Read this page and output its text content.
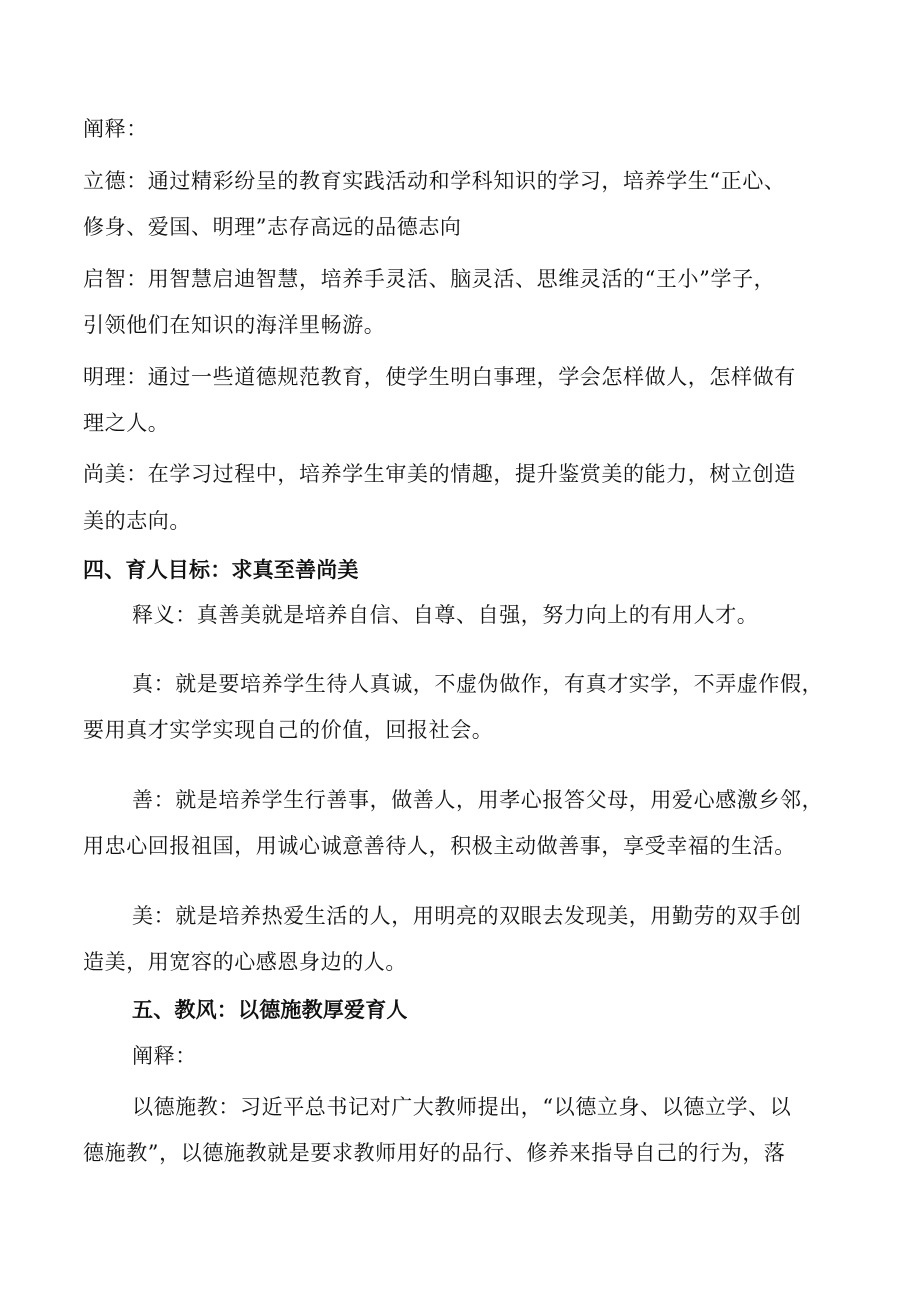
阐释：
立德：通过精彩纷呈的教育实践活动和学科知识的学习，培养学生“正心、
修身、爱国、明理”志存高远的品德志向
启智：用智慧启迪智慧，培养手灵活、脑灵活、思维灵活的“王小”学子，
引领他们在知识的海洋里畅游。
明理：通过一些道德规范教育，使学生明白事理，学会怎样做人，怎样做有
理之人。
尚美：在学习过程中，培养学生审美的情趣，提升鉴赏美的能力，树立创造
美的志向。
四、育人目标：求真至善尚美
释义：真善美就是培养自信、自尊、自强，努力向上的有用人才。
真：就是要培养学生待人真诚，不虚伪做作，有真才实学，不弄虚作假，
要用真才实学实现自己的价值，回报社会。
善：就是培养学生行善事，做善人，用孝心报答父母，用爱心感激乡邻，
用忠心回报祖国，用诚心诚意善待人，积极主动做善事，享受幸福的生活。
美：就是培养热爱生活的人，用明亮的双眼去发现美，用勤劳的双手创
造美，用宽容的心感恩身边的人。
五、教风：以德施教厚爱育人
阐释：
以德施教：习近平总书记对广大教师提出，“以德立身、以德立学、以
德施教”，以德施教就是要求教师用好的品行、修养来指导自己的行为，落
